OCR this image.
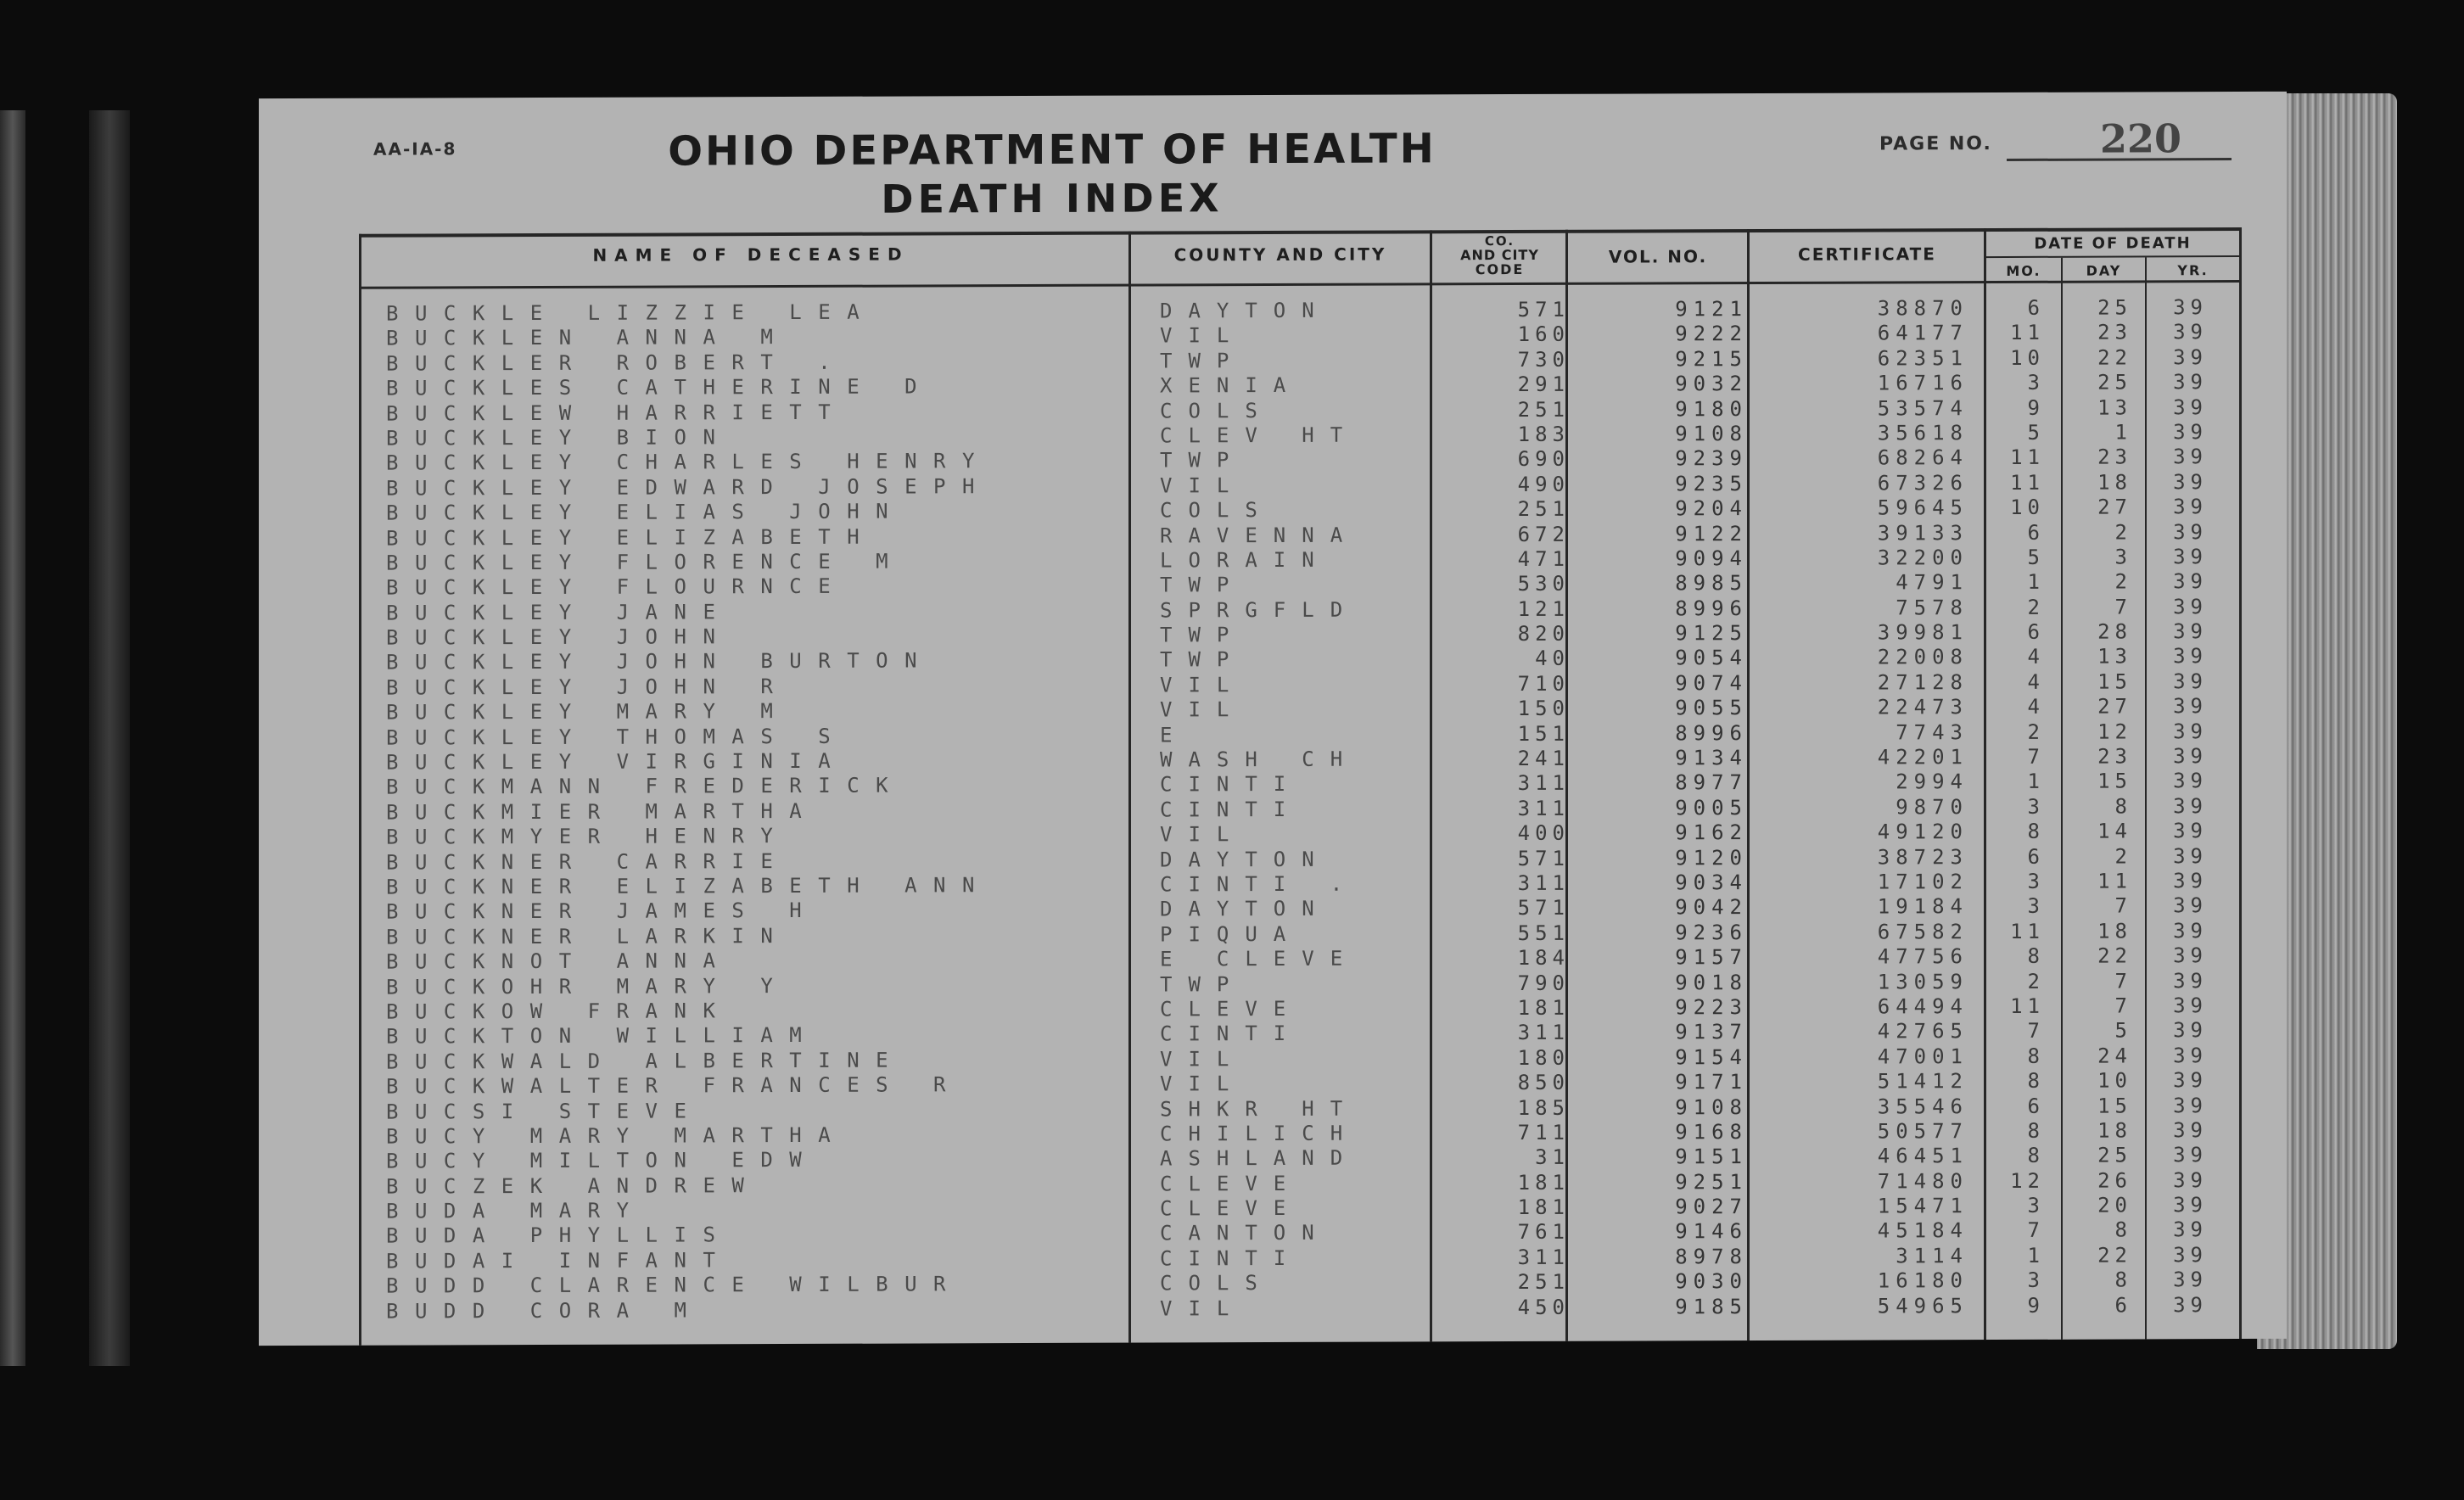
AA-IA-8	OHIO DEPARTMENT OF HEALTH
DEATH INDEX
PAGE NO.	220
NAME OF DECEASED	COUNTY AND CITY
CO.
AND CITY
CODE
VOL. NO.	CERTIFICATE
DATE OF DEATH
MO.	DAY	YR.
BUCKLE LIZZIE LEA	DAYTON	571	9121	38870	6	25	39
BUCKLEN ANNA M	VIL	160	9222	64177	11	23	39
BUCKLER ROBERT .	TWP	730	9215	62351	10	22	39
BUCKLES CATHERINE D	XENIA	291	9032	16716	3	25	39
BUCKLEW HARRIETT	COLS	251	9180	53574	9	13	39
BUCKLEY BION	CLEV HT	183	9108	35618	5	1	39
BUCKLEY CHARLES HENRY	TWP	690	9239	68264	11	23	39
BUCKLEY EDWARD JOSEPH	VIL	490	9235	67326	11	18	39
BUCKLEY ELIAS JOHN	COLS	251	9204	59645	10	27	39
BUCKLEY ELIZABETH	RAVENNA	672	9122	39133	6	2	39
BUCKLEY FLORENCE M	LORAIN	471	9094	32200	5	3	39
BUCKLEY FLOURNCE	TWP	530	8985	4791	1	2	39
BUCKLEY JANE	SPRGFLD	121	8996	7578	2	7	39
BUCKLEY JOHN	TWP	820	9125	39981	6	28	39
BUCKLEY JOHN BURTON	TWP	40	9054	22008	4	13	39
BUCKLEY JOHN R	VIL	710	9074	27128	4	15	39
BUCKLEY MARY M	VIL	150	9055	22473	4	27	39
BUCKLEY THOMAS S	E	151	8996	7743	2	12	39
BUCKLEY VIRGINIA	WASH CH	241	9134	42201	7	23	39
BUCKMANN FREDERICK	CINTI	311	8977	2994	1	15	39
BUCKMIER MARTHA	CINTI	311	9005	9870	3	8	39
BUCKMYER HENRY	VIL	400	9162	49120	8	14	39
BUCKNER CARRIE	DAYTON	571	9120	38723	6	2	39
BUCKNER ELIZABETH ANN	CINTI .	311	9034	17102	3	11	39
BUCKNER JAMES H	DAYTON	571	9042	19184	3	7	39
BUCKNER LARKIN	PIQUA	551	9236	67582	11	18	39
BUCKNOT ANNA	E CLEVE	184	9157	47756	8	22	39
BUCKOHR MARY Y	TWP	790	9018	13059	2	7	39
BUCKOW FRANK	CLEVE	181	9223	64494	11	7	39
BUCKTON WILLIAM	CINTI	311	9137	42765	7	5	39
BUCKWALD ALBERTINE	VIL	180	9154	47001	8	24	39
BUCKWALTER FRANCES R	VIL	850	9171	51412	8	10	39
BUCSI STEVE	SHKR HT	185	9108	35546	6	15	39
BUCY MARY MARTHA	CHILICH	711	9168	50577	8	18	39
BUCY MILTON EDW	ASHLAND	31	9151	46451	8	25	39
BUCZEK ANDREW	CLEVE	181	9251	71480	12	26	39
BUDA MARY	CLEVE	181	9027	15471	3	20	39
BUDA PHYLLIS	CANTON	761	9146	45184	7	8	39
BUDAI INFANT	CINTI	311	8978	3114	1	22	39
BUDD CLARENCE WILBUR	COLS	251	9030	16180	3	8	39
BUDD CORA M	VIL	450	9185	54965	9	6	39
